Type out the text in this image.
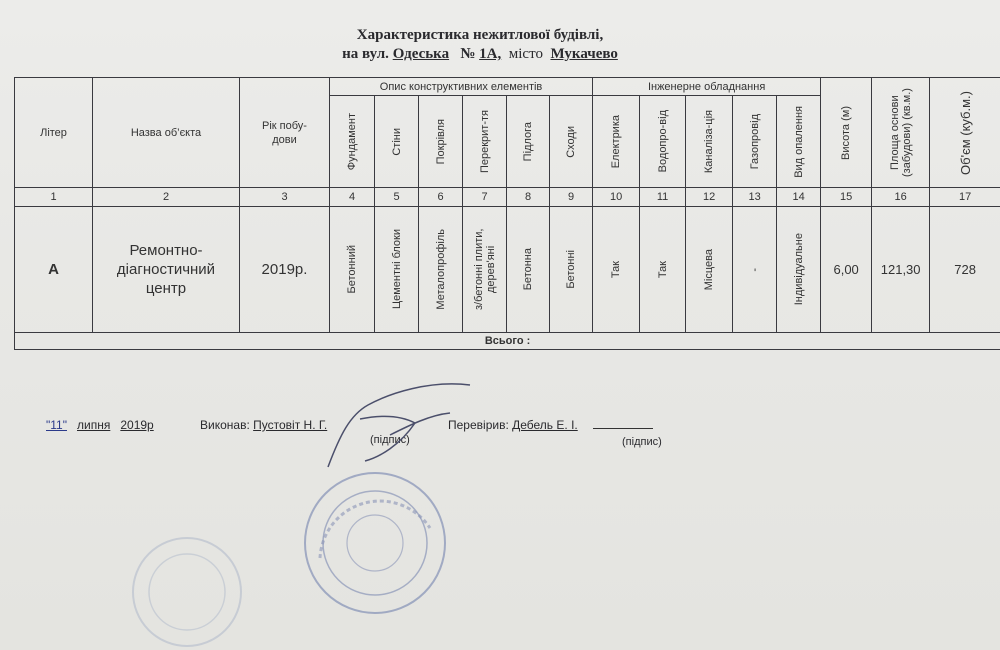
Характеристика нежитлової будівлі,
на вул. Одеська № 1А, місто Мукачево
Літер	Назва об’єкта	Рік побу-дови	Опис конструктивних елементів						Інженерне обладнання					Висота (м)	Площа основи (забудови) (кв.м.)	Об'єм (куб.м.)

			Фундамент	Стіни	Покрівля	Перекрит-тя	Підлога	Сходи	Електрика	Водопро-від	Каналіза-ція	Газопровід	Вид опалення			

1	2	3	4	5	6	7	8	9	10	11	12	13	14	15	16	17
А	Ремонтно-діагностичний центр	2019р.	Бетонний	Цементні блоки	Металопрофіль	з/бетонні плити, дерев'яні	Бетонна	Бетонні	Так	Так	Місцева	-	Індивідуальне	6,00	121,30	728
Всього :																
"11" липня 2019р	Виконав: Пустовіт Н. Г.
(підпис)
Перевірив: Дебель Е. І.
(підпис)
